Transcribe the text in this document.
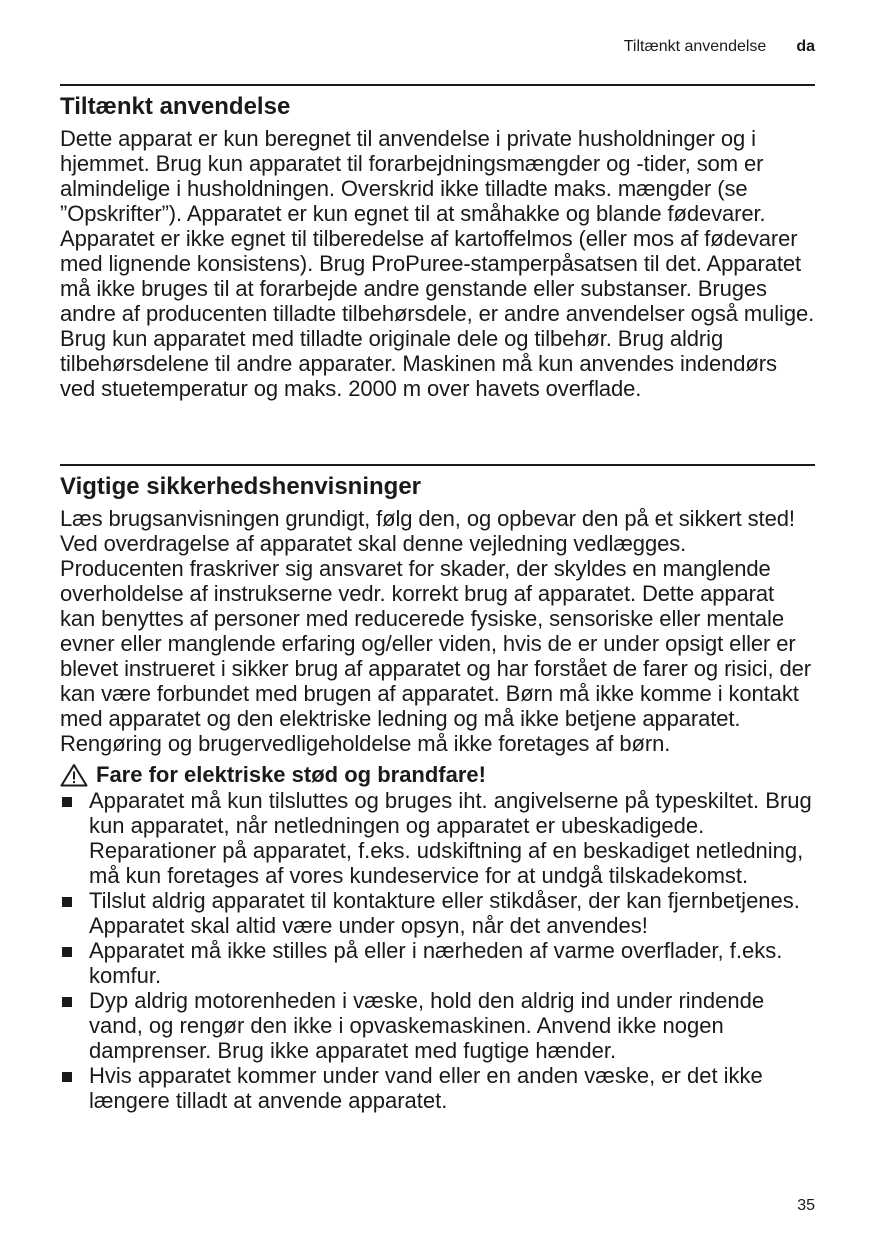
Tiltænkt anvendelse da
Tiltænkt anvendelse

Dette apparat er kun beregnet til anvendelse i private husholdninger og i hjemmet. Brug kun apparatet til forarbejdningsmængder og -tider, som er almindelige i husholdningen. Overskrid ikke tilladte maks. mængder (se ”Opskrifter”). Apparatet er kun egnet til at småhakke og blande fødevarer. Apparatet er ikke egnet til tilberedelse af kartoffelmos (eller mos af fødevarer med lignende konsistens). Brug ProPuree-stamperpåsatsen til det. Apparatet må ikke bruges til at forarbejde andre genstande eller substanser. Bruges andre af producenten tilladte tilbehørsdele, er andre anvendelser også mulige. Brug kun apparatet med tilladte originale dele og tilbehør. Brug aldrig tilbehørsdelene til andre apparater. Maskinen må kun anvendes indendørs ved stuetemperatur og maks. 2000 m over havets overflade.

Vigtige sikkerhedshenvisninger

Læs brugsanvisningen grundigt, følg den, og opbevar den på et sikkert sted! Ved overdragelse af apparatet skal denne vejledning vedlægges. Producenten fraskriver sig ansvaret for skader, der skyldes en manglende overholdelse af instrukserne vedr. korrekt brug af apparatet. Dette apparat kan benyttes af personer med reducerede fysiske, sensoriske eller mentale evner eller manglende erfaring og/eller viden, hvis de er under opsigt eller er blevet instrueret i sikker brug af apparatet og har forstået de farer og risici, der kan være forbundet med brugen af apparatet. Børn må ikke komme i kontakt med apparatet og den elektriske ledning og må ikke betjene apparatet. Rengøring og brugervedligeholdelse må ikke foretages af børn.

Fare for elektriske stød og brandfare!
Apparatet må kun tilsluttes og bruges iht. angivelserne på typeskiltet. Brug kun apparatet, når netledningen og apparatet er ubeskadigede. Reparationer på apparatet, f.eks. udskiftning af en beskadiget netledning, må kun foretages af vores kundeservice for at undgå tilskadekomst.
Tilslut aldrig apparatet til kontakture eller stikdåser, der kan fjernbetjenes. Apparatet skal altid være under opsyn, når det anvendes!
Apparatet må ikke stilles på eller i nærheden af varme overflader, f.eks. komfur.
Dyp aldrig motorenheden i væske, hold den aldrig ind under rindende vand, og rengør den ikke i opvaskemaskinen. Anvend ikke nogen damprenser. Brug ikke apparatet med fugtige hænder.
Hvis apparatet kommer under vand eller en anden væske, er det ikke længere tilladt at anvende apparatet.
35
